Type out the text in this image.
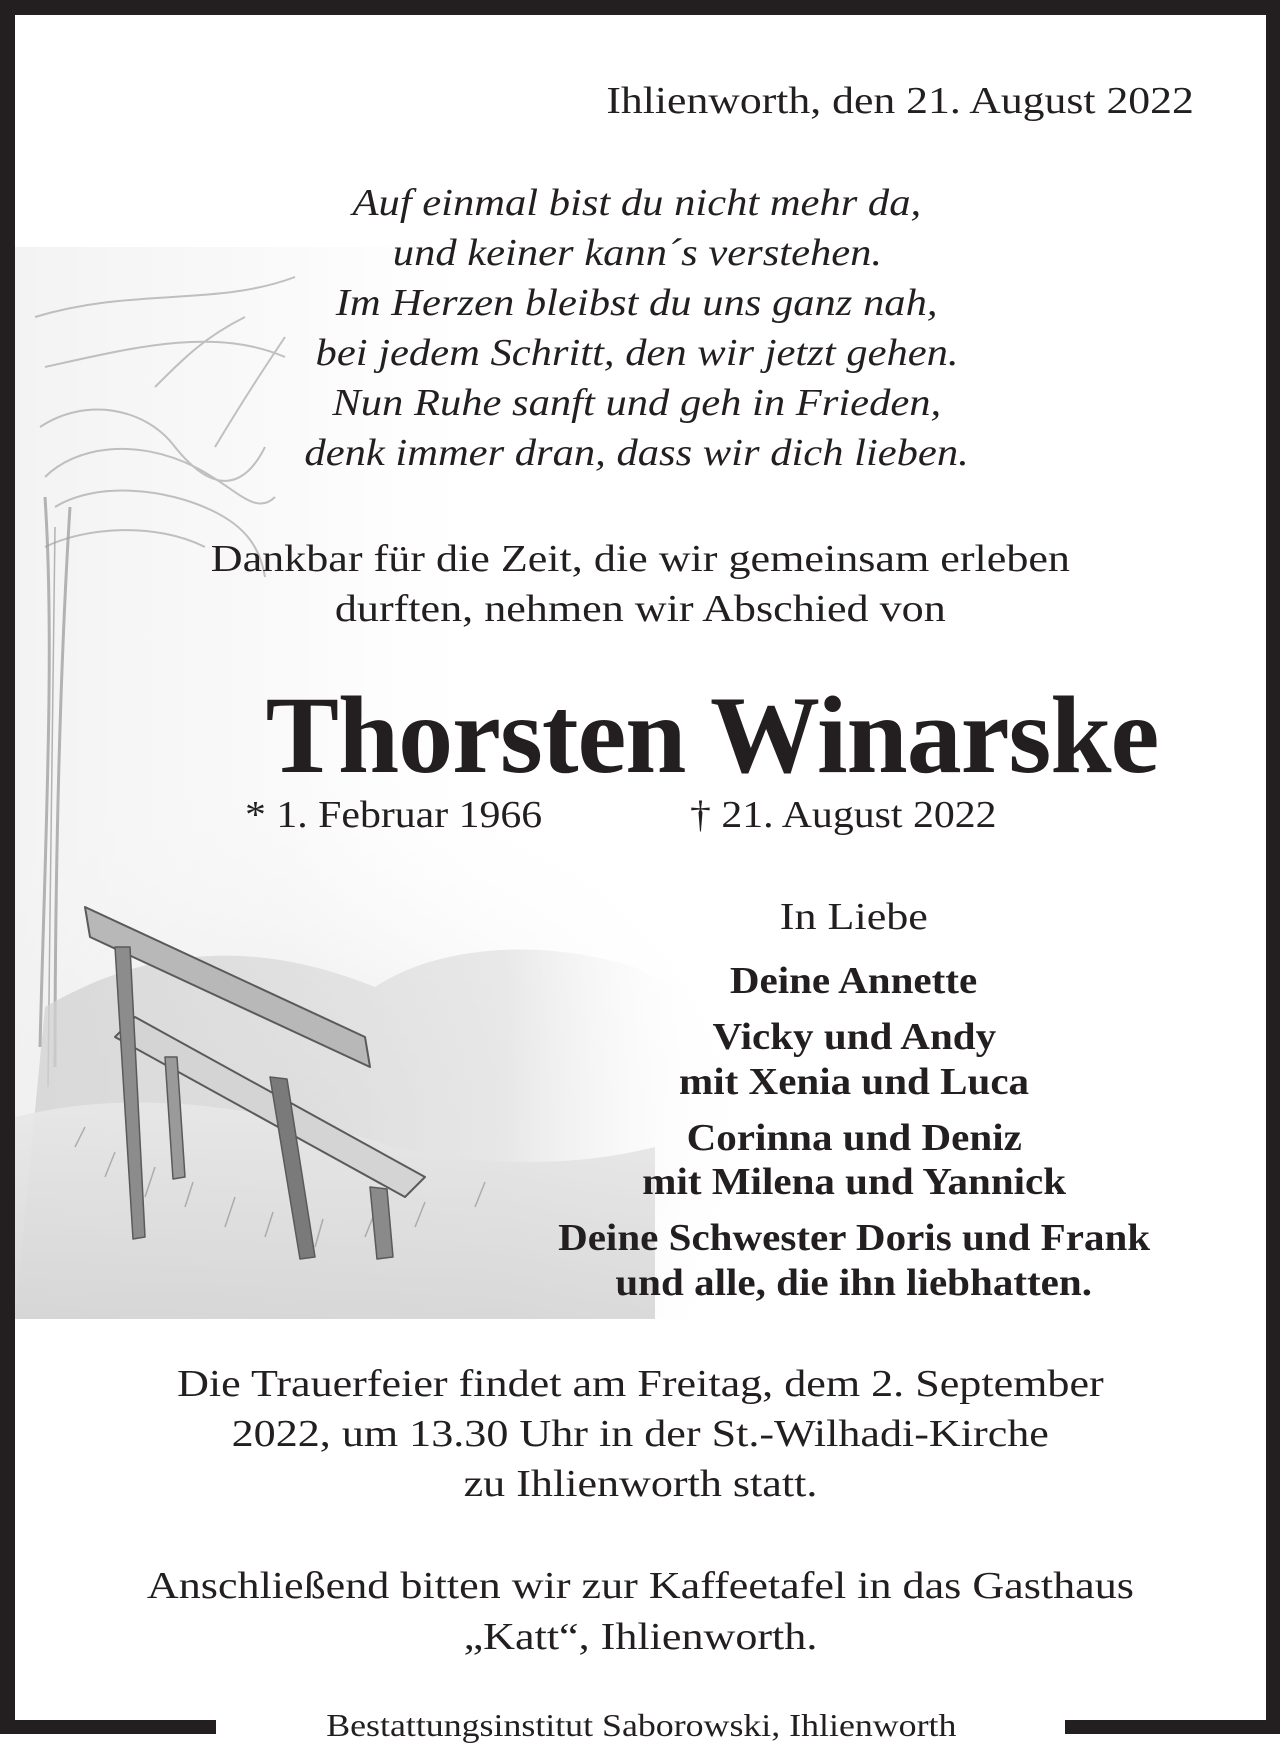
Ihlienworth, den 21. August 2022
Auf einmal bist du nicht mehr da,
und keiner kann´s verstehen.
Im Herzen bleibst du uns ganz nah,
bei jedem Schritt, den wir jetzt gehen.
Nun Ruhe sanft und geh in Frieden,
denk immer dran, dass wir dich lieben.
Dankbar für die Zeit, die wir gemeinsam erleben
durften, nehmen wir Abschied von
Thorsten Winarske
* 1. Februar 1966	† 21. August 2022
In Liebe
Deine Annette
Vicky und Andy
mit Xenia und Luca
Corinna und Deniz
mit Milena und Yannick
Deine Schwester Doris und Frank
und alle, die ihn liebhatten.
Die Trauerfeier findet am Freitag, dem 2. September
2022, um 13.30 Uhr in der St.-Wilhadi-Kirche
zu Ihlienworth statt.
Anschließend bitten wir zur Kaffeetafel in das Gasthaus
„Katt“, Ihlienworth.
Bestattungsinstitut Saborowski, Ihlienworth
